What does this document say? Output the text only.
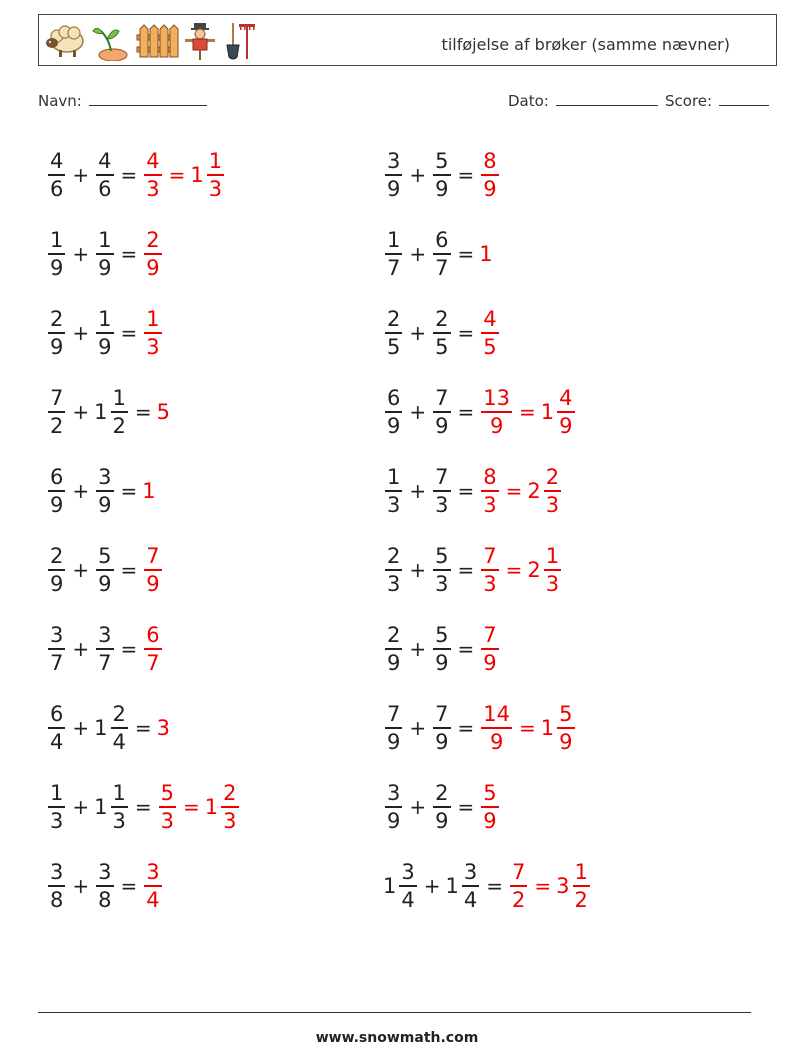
tilføjelse af brøker (samme nævner)
Navn:	Dato:	Score:
$\frac{4}{6} + \frac{4}{6} = \frac{4}{3} = 1 \frac{1}{3}$	$\frac{3}{9} + \frac{5}{9} = \frac{8}{9}$
$\frac{1}{9} + \frac{1}{9} = \frac{2}{9}$	$\frac{1}{7} + \frac{6}{7} = 1$
$\frac{2}{9} + \frac{1}{9} = \frac{1}{3}$	$\frac{2}{5} + \frac{2}{5} = \frac{4}{5}$
$\frac{7}{2} + 1 \frac{1}{2} = 5$	$\frac{6}{9} + \frac{7}{9} = \frac{13}{9} = 1 \frac{4}{9}$
$\frac{6}{9} + \frac{3}{9} = 1$	$\frac{1}{3} + \frac{7}{3} = \frac{8}{3} = 2 \frac{2}{3}$
$\frac{2}{9} + \frac{5}{9} = \frac{7}{9}$	$\frac{2}{3} + \frac{5}{3} = \frac{7}{3} = 2 \frac{1}{3}$
$\frac{3}{7} + \frac{3}{7} = \frac{6}{7}$	$\frac{2}{9} + \frac{5}{9} = \frac{7}{9}$
$\frac{6}{4} + 1 \frac{2}{4} = 3$	$\frac{7}{9} + \frac{7}{9} = \frac{14}{9} = 1 \frac{5}{9}$
$\frac{1}{3} + 1 \frac{1}{3} = \frac{5}{3} = 1 \frac{2}{3}$	$\frac{3}{9} + \frac{2}{9} = \frac{5}{9}$
$\frac{3}{8} + \frac{3}{8} = \frac{3}{4}$	$1 \frac{3}{4} + 1 \frac{3}{4} = \frac{7}{2} = 3 \frac{1}{2}$
www.snowmath.com
